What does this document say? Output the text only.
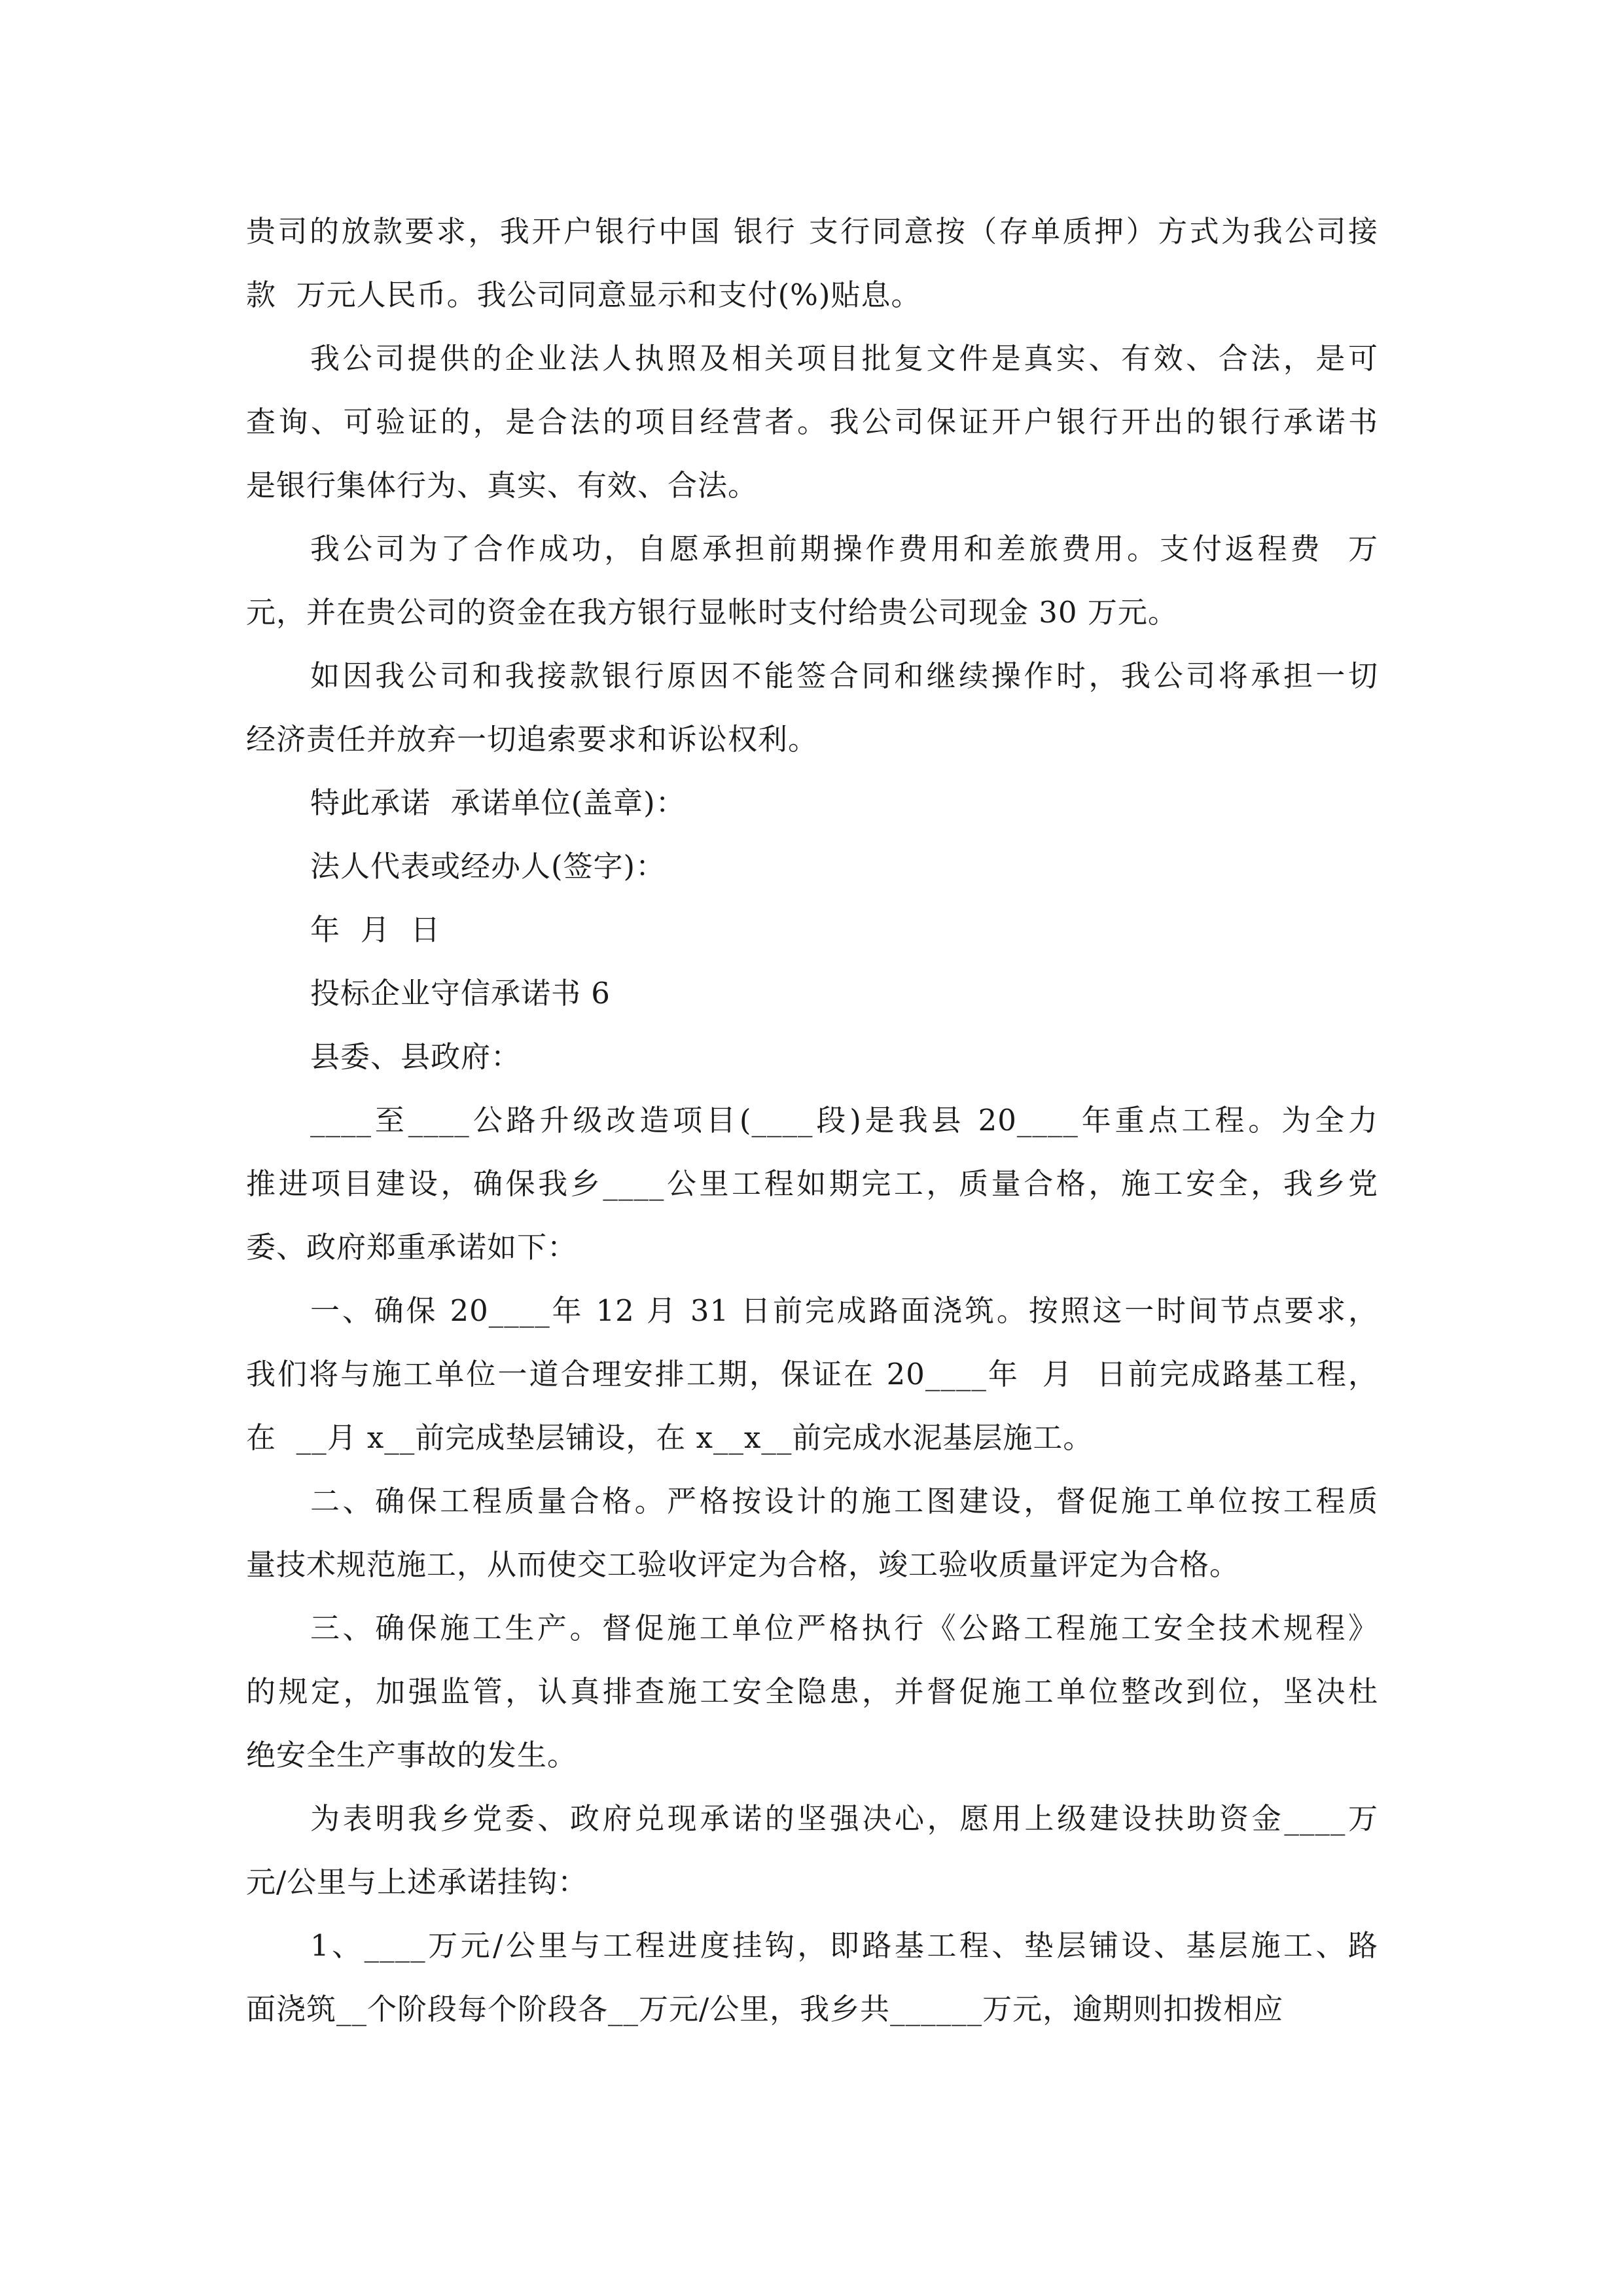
贵司的放款要求，我开户银行中国 银行 支行同意按（存单质押）方式为我公司接
款  万元人民币。我公司同意显示和支付(%)贴息。
我公司提供的企业法人执照及相关项目批复文件是真实、有效、合法，是可
查询、可验证的，是合法的项目经营者。我公司保证开户银行开出的银行承诺书
是银行集体行为、真实、有效、合法。
我公司为了合作成功，自愿承担前期操作费用和差旅费用。支付返程费  万
元，并在贵公司的资金在我方银行显帐时支付给贵公司现金 30 万元。
如因我公司和我接款银行原因不能签合同和继续操作时，我公司将承担一切
经济责任并放弃一切追索要求和诉讼权利。
特此承诺  承诺单位(盖章)：
法人代表或经办人(签字)：
年  月  日
投标企业守信承诺书 6
县委、县政府：
____至____公路升级改造项目(____段)是我县 20____年重点工程。为全力
推进项目建设，确保我乡____公里工程如期完工，质量合格，施工安全，我乡党
委、政府郑重承诺如下：
一、确保 20____年 12 月 31 日前完成路面浇筑。按照这一时间节点要求，
我们将与施工单位一道合理安排工期，保证在 20____年  月  日前完成路基工程，
在  __月 x__前完成垫层铺设，在 x__x__前完成水泥基层施工。
二、确保工程质量合格。严格按设计的施工图建设，督促施工单位按工程质
量技术规范施工，从而使交工验收评定为合格，竣工验收质量评定为合格。
三、确保施工生产。督促施工单位严格执行《公路工程施工安全技术规程》
的规定，加强监管，认真排查施工安全隐患，并督促施工单位整改到位，坚决杜
绝安全生产事故的发生。
为表明我乡党委、政府兑现承诺的坚强决心，愿用上级建设扶助资金____万
元/公里与上述承诺挂钩：
1、____万元/公里与工程进度挂钩，即路基工程、垫层铺设、基层施工、路
面浇筑__个阶段每个阶段各__万元/公里，我乡共______万元，逾期则扣拨相应
